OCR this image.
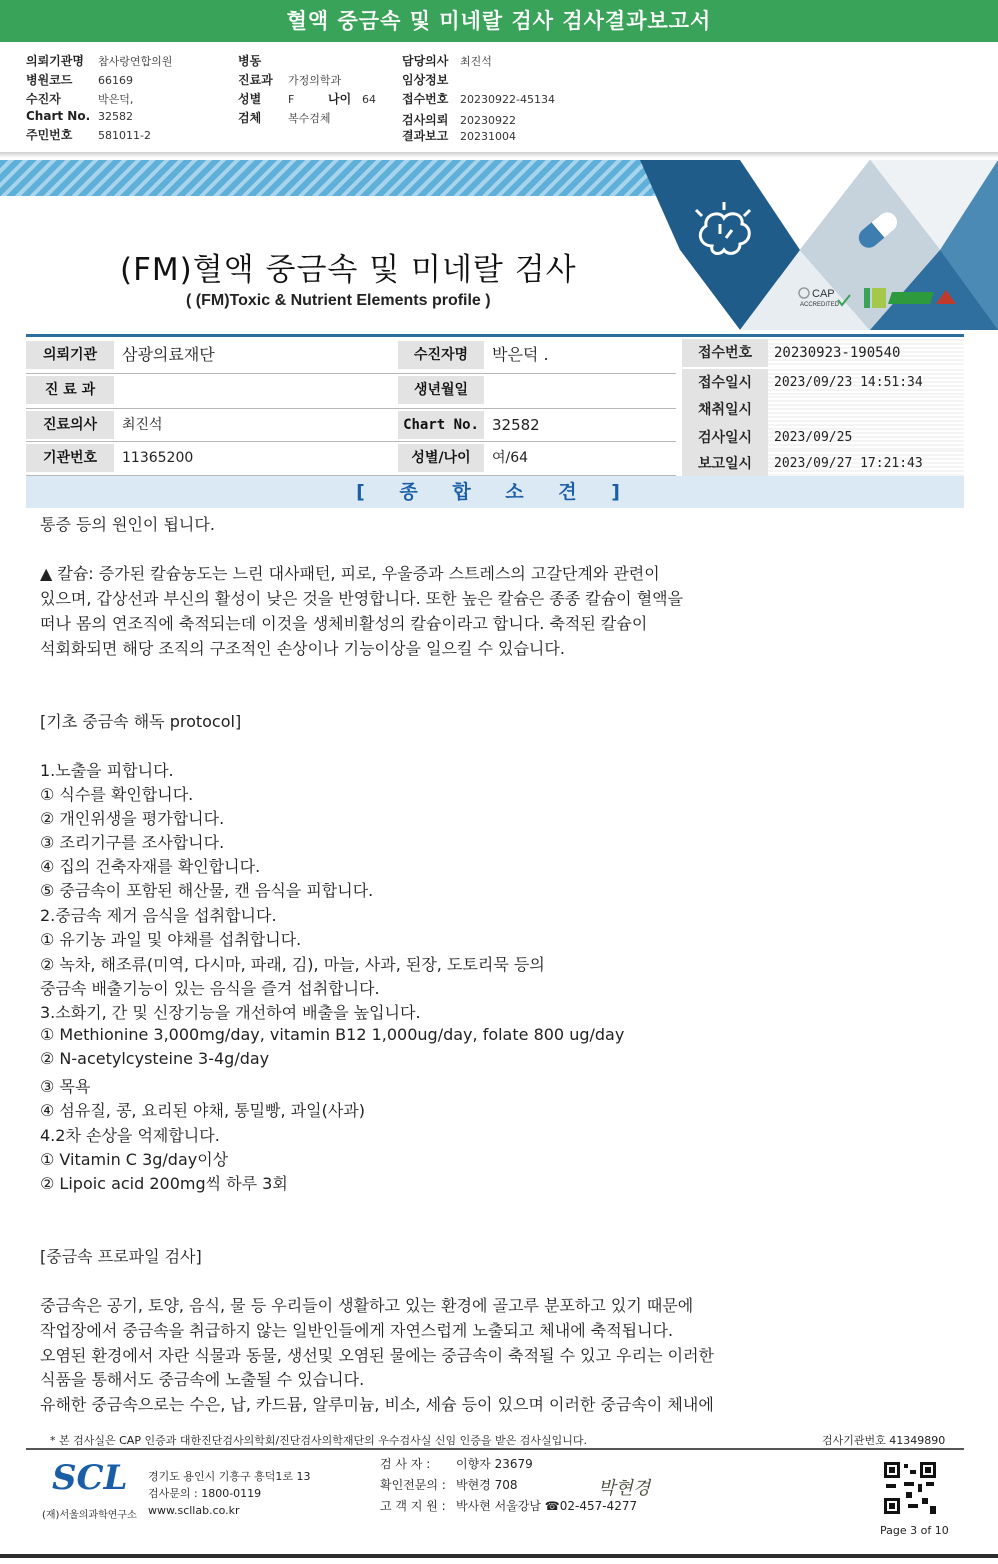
혈액 중금속 및 미네랄 검사 검사결과보고서
의뢰기관명 참사랑연합의원
병원코드 66169
수진자	박은덕,
Chart No. 32582
주민번호 581011-2
병동
진료과 가정의학과
성별 F	나이 64
검체 복수검체
담당의사 최진석
임상정보
접수번호 20230922-45134
검사의뢰 20230922
결과보고 20231004
(FM)혈액 중금속 및 미네랄 검사
( (FM)Toxic & Nutrient Elements profile )	CAP
ACCREDITED
의뢰기관	삼광의료재단	수진자명	박은덕 .
진 료 과	생년월일
진료의사	최진석	Chart No. 32582
기관번호	11365200	성별/나이	여/64
접수번호	20230923-190540
접수일시	2023/09/23 14:51:34
채취일시
검사일시	2023/09/25
보고일시	2023/09/27 17:21:43
[ 종 합 소 견 ]
통증 등의 원인이 됩니다.
▲ 칼슘: 증가된 칼슘농도는 느린 대사패턴, 피로, 우울증과 스트레스의 고갈단계와 관련이
있으며, 갑상선과 부신의 활성이 낮은 것을 반영합니다. 또한 높은 칼슘은 종종 칼슘이 혈액을
떠나 몸의 연조직에 축적되는데 이것을 생체비활성의 칼슘이라고 합니다. 축적된 칼슘이
석회화되면 해당 조직의 구조적인 손상이나 기능이상을 일으킬 수 있습니다.
[기초 중금속 해독 protocol]
1.노출을 피합니다.
① 식수를 확인합니다.
② 개인위생을 평가합니다.
③ 조리기구를 조사합니다.
④ 집의 건축자재를 확인합니다.
⑤ 중금속이 포함된 해산물, 캔 음식을 피합니다.
2.중금속 제거 음식을 섭취합니다.
① 유기농 과일 및 야채를 섭취합니다.
② 녹차, 해조류(미역, 다시마, 파래, 김), 마늘, 사과, 된장, 도토리묵 등의
중금속 배출기능이 있는 음식을 즐겨 섭취합니다.
3.소화기, 간 및 신장기능을 개선하여 배출을 높입니다.
① Methionine 3,000mg/day, vitamin B12 1,000ug/day, folate 800 ug/day
② N-acetylcysteine 3-4g/day
③ 목욕
④ 섬유질, 콩, 요리된 야채, 통밀빵, 과일(사과)
4.2차 손상을 억제합니다.
① Vitamin C 3g/day이상
② Lipoic acid 200mg씩 하루 3회
[중금속 프로파일 검사]
중금속은 공기, 토양, 음식, 물 등 우리들이 생활하고 있는 환경에 골고루 분포하고 있기 때문에
작업장에서 중금속을 취급하지 않는 일반인들에게 자연스럽게 노출되고 체내에 축적됩니다.
오염된 환경에서 자란 식물과 동물, 생선및 오염된 물에는 중금속이 축적될 수 있고 우리는 이러한
식품을 통해서도 중금속에 노출될 수 있습니다.
유해한 중금속으로는 수은, 납, 카드뮴, 알루미늄, 비소, 세슘 등이 있으며 이러한 중금속이 체내에
* 본 검사실은 CAP 인증과 대한진단검사의학회/진단검사의학재단의 우수검사실 신임 인증을 받은 검사실입니다.	검사기관번호 41349890
SCL
(재)서울의과학연구소
경기도 용인시 기흥구 흥덕1로 13
검사문의 : 1800-0119
www.scllab.co.kr
검 사 자 : 이향자 23679
확인전문의 : 박현경 708
고 객 지 원 : 박사현 서울강남 ☎02-457-4277
박현경
Page 3 of 10
